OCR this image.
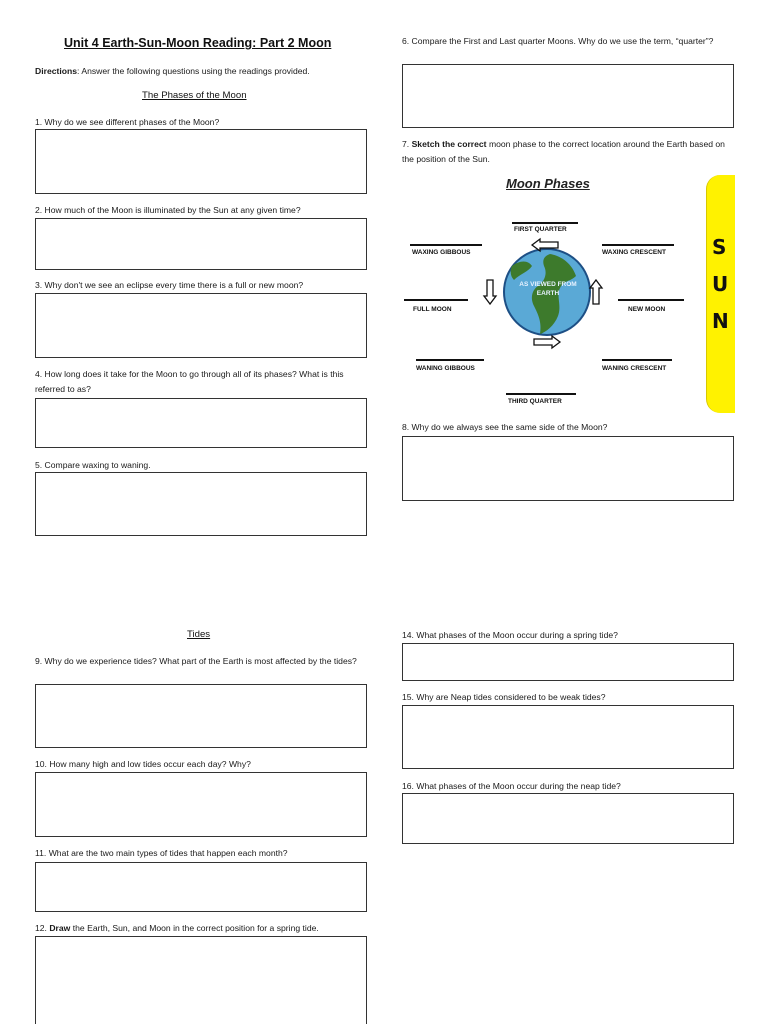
Unit 4 Earth-Sun-Moon Reading: Part 2 Moon
Directions: Answer the following questions using the readings provided.
The Phases of the Moon
1. Why do we see different phases of the Moon?
2. How much of the Moon is illuminated by the Sun at any given time?
3. Why don't we see an eclipse every time there is a full or new moon?
4. How long does it take for the Moon to go through all of its phases? What is this referred to as?
5. Compare waxing to waning.
6. Compare the First and Last quarter Moons. Why do we use the term, “quarter”?
7. Sketch the correct moon phase to the correct location around the Earth based on the position of the Sun.
S
U
N
Moon Phases
AS VIEWED FROM EARTH
FIRST QUARTER
WAXING GIBBOUS	WAXING CRESCENT
FULL MOON	NEW MOON
WANING GIBBOUS	WANING CRESCENT
THIRD QUARTER
8. Why do we always see the same side of the Moon?
Tides
9. Why do we experience tides? What part of the Earth is most affected by the tides?
10. How many high and low tides occur each day? Why?
11. What are the two main types of tides that happen each month?
12. Draw the Earth, Sun, and Moon in the correct position for a spring tide.
14. What phases of the Moon occur during a spring tide?
15. Why are Neap tides considered to be weak tides?
16. What phases of the Moon occur during the neap tide?
